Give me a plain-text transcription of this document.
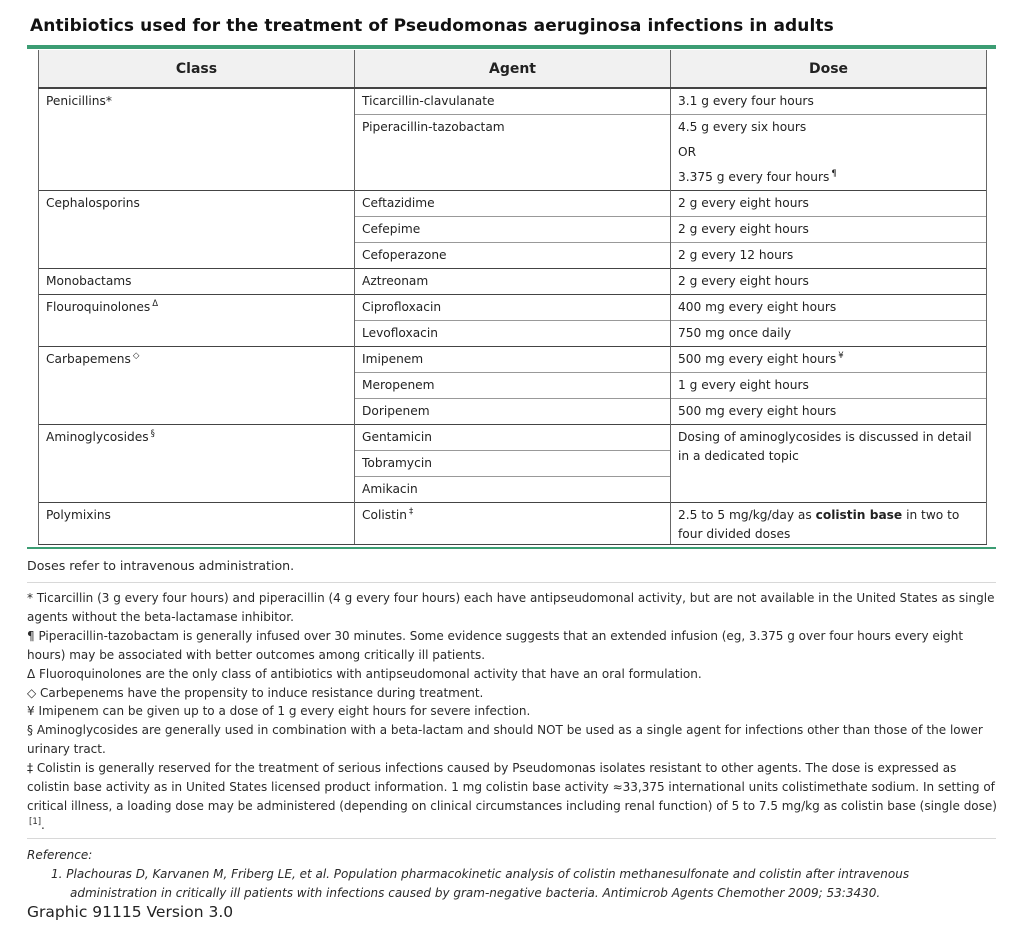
Antibiotics used for the treatment of Pseudomonas aeruginosa infections in adults
Class	Agent	Dose
Penicillins*	Ticarcillin-clavulanate	3.1 g every four hours
	Piperacillin-tazobactam	4.5 g every six hours
OR
3.375 g every four hours ¶

Cephalosporins	Ceftazidime	2 g every eight hours
	Cefepime	2 g every eight hours
	Cefoperazone	2 g every 12 hours
Monobactams	Aztreonam	2 g every eight hours
Flouroquinolones $^\Delta$	Ciprofloxacin	400 mg every eight hours
	Levofloxacin	750 mg once daily
Carbapemens ◇	Imipenem	500 mg every eight hours ¥
	Meropenem	1 g every eight hours
	Doripenem	500 mg every eight hours
Aminoglycosides §	Gentamicin	Dosing of aminoglycosides is discussed in detail in a dedicated topic

	Tobramycin	
	Amikacin	
Polymixins	Colistin ‡	2.5 to 5 mg/kg/day as colistin base in two to four divided doses
Doses refer to intravenous administration.

* Ticarcillin (3 g every four hours) and piperacillin (4 g every four hours) each have antipseudomonal activity, but are not available in the United States as single agents without the beta-lactamase inhibitor.

¶ Piperacillin-tazobactam is generally infused over 30 minutes. Some evidence suggests that an extended infusion (eg, 3.375 g over four hours every eight hours) may be associated with better outcomes among critically ill patients.

Δ Fluoroquinolones are the only class of antibiotics with antipseudomonal activity that have an oral formulation.

◇ Carbepenems have the propensity to induce resistance during treatment.

¥ Imipenem can be given up to a dose of 1 g every eight hours for severe infection.

§ Aminoglycosides are generally used in combination with a beta-lactam and should NOT be used as a single agent for infections other than those of the lower urinary tract.

‡ Colistin is generally reserved for the treatment of serious infections caused by Pseudomonas isolates resistant to other agents. The dose is expressed as colistin base activity as in United States licensed product information. 1 mg colistin base activity ≈33,375 international units colistimethate sodium. In setting of critical illness, a loading dose may be administered (depending on clinical circumstances including renal function) of 5 to 7.5 mg/kg as colistin base (single dose)[1].

Reference:

1. Plachouras D, Karvanen M, Friberg LE, et al. Population pharmacokinetic analysis of colistin methanesulfonate and colistin after intravenous administration in critically ill patients with infections caused by gram-negative bacteria. Antimicrob Agents Chemother 2009; 53:3430.

Graphic 91115 Version 3.0
